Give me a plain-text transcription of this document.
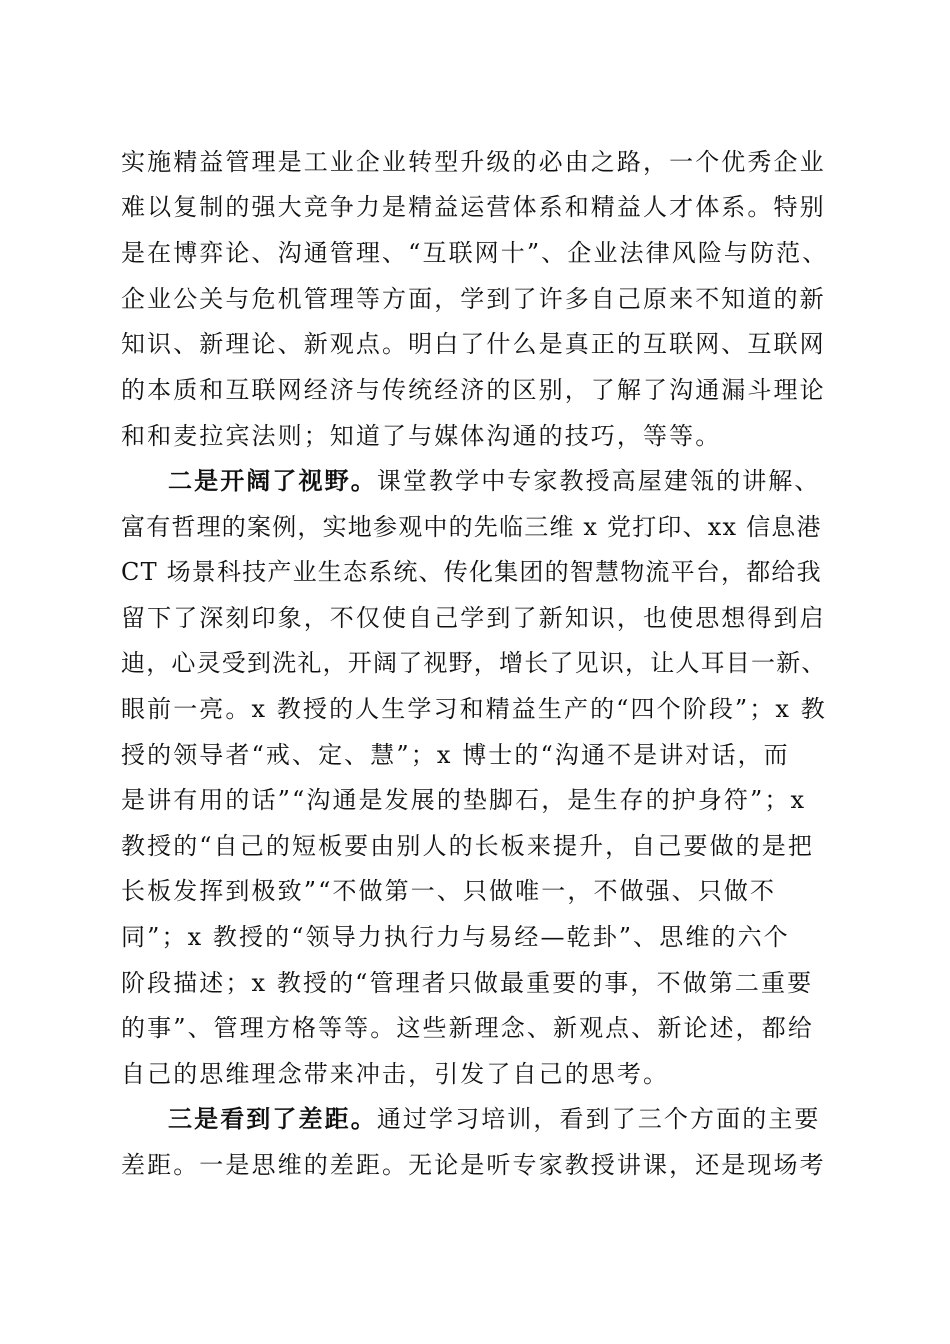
实施精益管理是工业企业转型升级的必由之路，一个优秀企业
难以复制的强大竞争力是精益运营体系和精益人才体系。特别
是在博弈论、沟通管理、“互联网十”、企业法律风险与防范、
企业公关与危机管理等方面，学到了许多自己原来不知道的新
知识、新理论、新观点。明白了什么是真正的互联网、互联网
的本质和互联网经济与传统经济的区别，了解了沟通漏斗理论
和和麦拉宾法则；知道了与媒体沟通的技巧，等等。
二是开阔了视野。课堂教学中专家教授高屋建瓴的讲解、
富有哲理的案例，实地参观中的先临三维 x 党打印、xx 信息港
CT 场景科技产业生态系统、传化集团的智慧物流平台，都给我
留下了深刻印象，不仅使自己学到了新知识，也使思想得到启
迪，心灵受到洗礼，开阔了视野，增长了见识，让人耳目一新、
眼前一亮。x 教授的人生学习和精益生产的“四个阶段”；x 教
授的领导者“戒、定、慧”；x 博士的“沟通不是讲对话，而
是讲有用的话”“沟通是发展的垫脚石，是生存的护身符”；x
教授的“自己的短板要由别人的长板来提升，自己要做的是把
长板发挥到极致”“不做第一、只做唯一，不做强、只做不
同”；x 教授的“领导力执行力与易经—乾卦”、思维的六个
阶段描述；x 教授的“管理者只做最重要的事，不做第二重要
的事”、管理方格等等。这些新理念、新观点、新论述，都给
自己的思维理念带来冲击，引发了自己的思考。
三是看到了差距。通过学习培训，看到了三个方面的主要
差距。一是思维的差距。无论是听专家教授讲课，还是现场考
